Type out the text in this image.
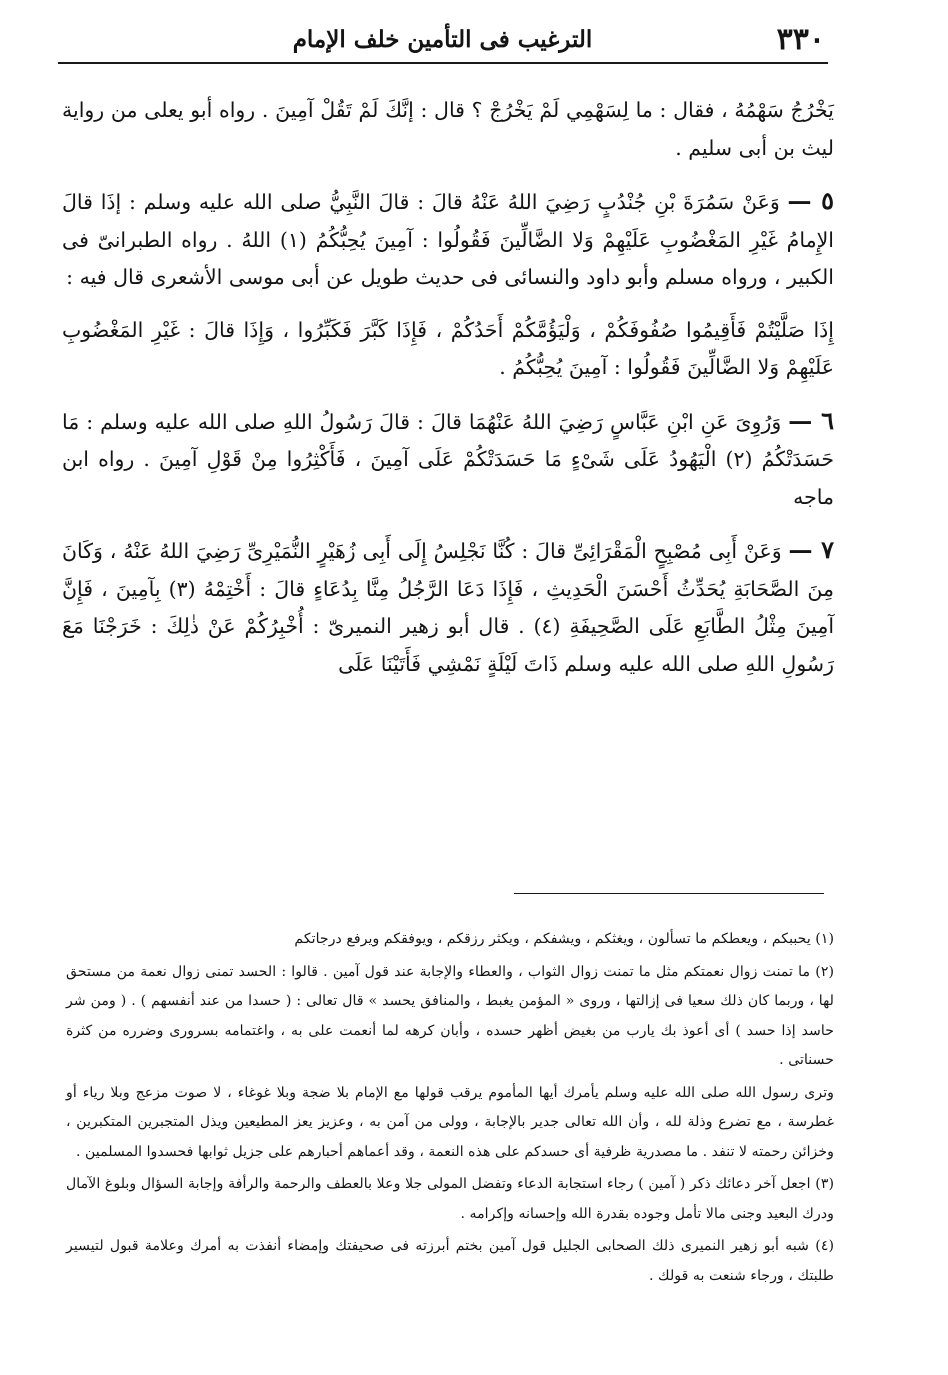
٣٣٠
الترغيب فى التأمين خلف الإمام

يَخْرُجُ سَهْمُهُ ، فقال : ما لِسَهْمِي لَمْ يَخْرُجْ ؟ قال : إنَّكَ لَمْ تَقُلْ آمِينَ . رواه أبو يعلى من رواية ليث بن أبى سليم .

٥ — وَعَنْ سَمُرَةَ بْنِ جُنْدُبٍ رَضِيَ اللهُ عَنْهُ قالَ : قالَ النَّبِيُّ صلى الله عليه وسلم : إذَا قالَ الإِمامُ غَيْرِ المَغْضُوبِ عَلَيْهِمْ وَلا الضَّالِّينَ فَقُولُوا : آمِينَ يُحِبُّكُمُ (١) اللهُ . رواه الطبرانىّ فى الكبير ، ورواه مسلم وأبو داود والنسائى فى حديث طويل عن أبى موسى الأشعرى قال فيه :

إِذَا صَلَّيْتُمْ فَأَقِيمُوا صُفُوفَكُمْ ، وَلْيَؤُمَّكُمْ أَحَدُكُمْ ، فَإِذَا كَبَّرَ فَكَبِّرُوا ، وَإِذَا قالَ : غَيْرِ المَغْضُوبِ عَلَيْهِمْ وَلا الضَّالِّينَ فَقُولُوا : آمِينَ يُحِبُّكُمُ .

٦ — وَرُوِىَ عَنِ ابْنِ عَبَّاسٍ رَضِيَ اللهُ عَنْهُمَا قالَ : قالَ رَسُولُ اللهِ صلى الله عليه وسلم : مَا حَسَدَتْكُمُ (٢) الْيَهُودُ عَلَى شَىْءٍ مَا حَسَدَتْكُمْ عَلَى آمِينَ ، فَأَكْثِرُوا مِنْ قَوْلِ آمِينَ . رواه ابن ماجه

٧ — وَعَنْ أَبِى مُصْبِحٍ الْمَقْرَائِىِّ قالَ : كُنَّا نَجْلِسُ إِلَى أَبِى زُهَيْرٍ النُّمَيْرِىِّ رَضِيَ اللهُ عَنْهُ ، وَكَانَ مِنَ الصَّحَابَةِ يُحَدِّثُ أَحْسَنَ الْحَدِيثِ ، فَإِذَا دَعَا الرَّجُلُ مِنَّا بِدُعَاءٍ قالَ : أَخْتِمْهُ (٣) بِآمِينَ ، فَإِنَّ آمِينَ مِثْلُ الطَّابَعِ عَلَى الصَّحِيفَةِ (٤) . قال أبو زهير النميرىّ : أُخْبِرُكُمْ عَنْ ذٰلِكَ : خَرَجْنَا مَعَ رَسُولِ اللهِ صلى الله عليه وسلم ذَاتَ لَيْلَةٍ نَمْشِي فَأَتَيْنَا عَلَى

(١) يحببكم ، ويعطكم ما تسألون ، ويغثكم ، ويشفكم ، ويكثر رزقكم ، ويوفقكم ويرفع درجاتكم

(٢) ما تمنت زوال نعمتكم مثل ما تمنت زوال الثواب ، والعطاء والإجابة عند قول آمين . قالوا : الحسد تمنى زوال نعمة من مستحق لها ، وربما كان ذلك سعيا فى إزالتها ، وروى « المؤمن يغبط ، والمنافق يحسد » قال تعالى : ( حسدا من عند أنفسهم ) . ( ومن شر حاسد إذا حسد ) أى أعوذ بك يارب من بغيض أظهر حسده ، وأبان كرهه لما أنعمت على به ، واغتمامه بسرورى وضرره من كثرة حسناتى .

وترى رسول الله صلى الله عليه وسلم يأمرك أيها المأموم يرقب قولها مع الإمام بلا ضجة وبلا غوغاء ، لا صوت مزعج وبلا رياء أو غطرسة ، مع تضرع وذلة لله ، وأن الله تعالى جدير بالإجابة ، وولى من آمن به ، وعزيز يعز المطيعين ويذل المتجبرين المتكبرين ، وخزائن رحمته لا تنفد . ما مصدرية ظرفية أى حسدكم على هذه النعمة ، وقد أعماهم أحبارهم على جزيل ثوابها فحسدوا المسلمين .

(٣) اجعل آخر دعائك ذكر ( آمين ) رجاء استجابة الدعاء وتفضل المولى جلا وعلا بالعطف والرحمة والرأفة وإجابة السؤال وبلوغ الآمال ودرك البعيد وجنى مالا تأمل وجوده بقدرة الله وإحسانه وإكرامه .

(٤) شبه أبو زهير النميرى ذلك الصحابى الجليل قول آمين بختم أبرزته فى صحيفتك وإمضاء أنفذت به أمرك وعلامة قبول لتيسير طلبتك ، ورجاء شنعت به قولك .
